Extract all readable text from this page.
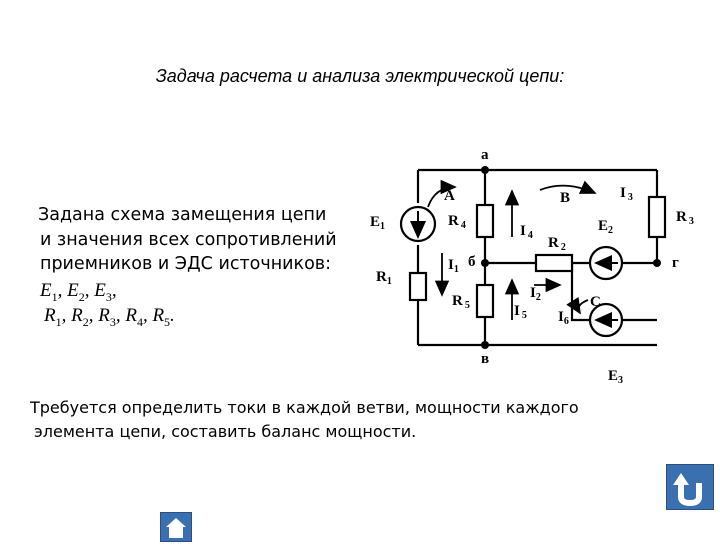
Задача расчета и анализа электрической цепи:
Задана схема замещения цепи
и значения всех сопротивлений
приемников и ЭДС источников:
$E_1$, $E_2$, $E_3$,
$R_1$, $R_2$, $R_3$, $R_4$, $R_5$.
а
в
б	г
А	В
С
$E_1$
$R_1$
R $_4$
R $_5$
R $_2$
R $_3$
$E_2$
$E_3$
$I_1$
$I_2$
I $_3$
I $_4$
I $_5$ $I_6$
Требуется определить токи в каждой ветви, мощности каждого
элемента цепи, составить баланс мощности.
